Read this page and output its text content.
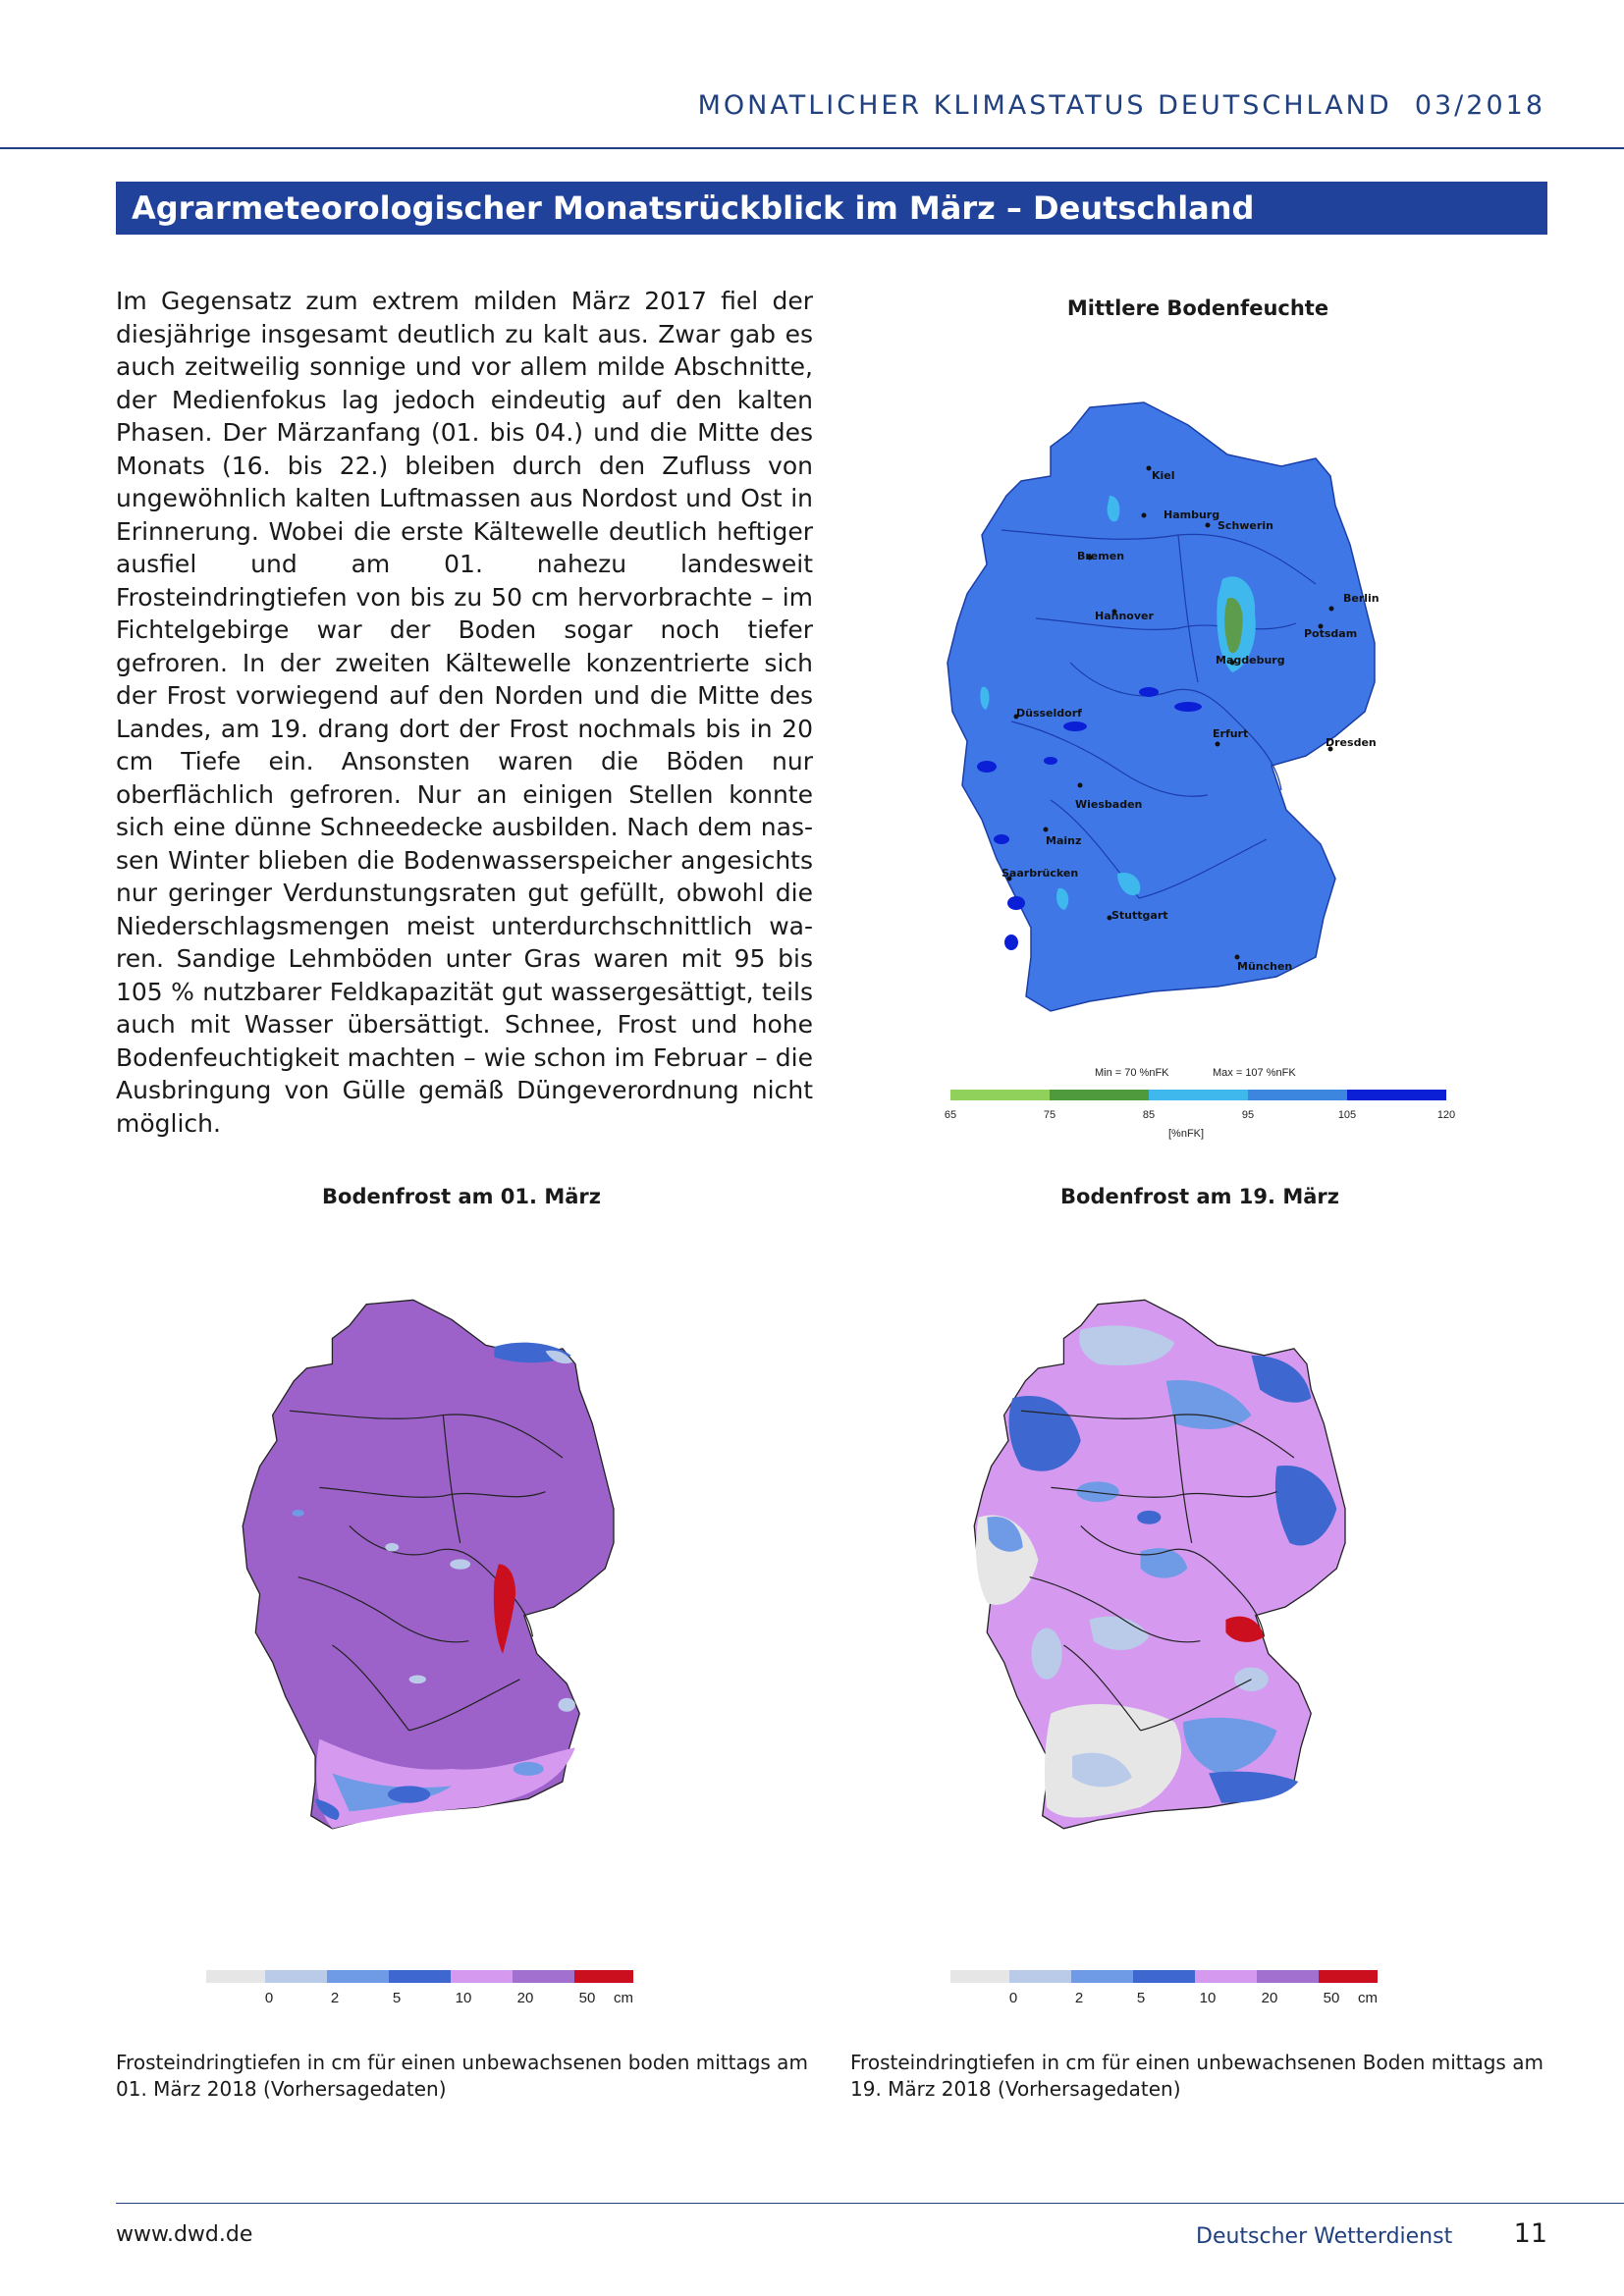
MONATLICHER KLIMASTATUS DEUTSCHLAND 03/2018
Agrarmeteorologischer Monatsrückblick im März – Deutschland
Im Gegensatz zum extrem milden März 2017 fiel der diesjährige insgesamt deutlich zu kalt aus. Zwar gab es auch zeitweilig sonnige und vor allem milde Abschnitte, der Medienfokus lag jedoch eindeutig auf den kalten Phasen. Der Märzanfang (01. bis 04.) und die Mitte des Monats (16. bis 22.) bleiben durch den Zufluss von ungewöhnlich kalten Luftmassen aus Nordost und Ost in Erinnerung. Wobei die erste Kältewelle deutlich heftiger ausfiel und am 01. nahezu landesweit Frosteindringtiefen von bis zu 50 cm hervorbrachte – im Fichtelgebirge war der Boden sogar noch tiefer gefroren. In der zweiten Kältewelle konzentrierte sich der Frost vorwiegend auf den Norden und die Mitte des Landes, am 19. drang dort der Frost nochmals bis in 20 cm Tiefe ein. Ansonsten waren die Böden nur oberflächlich gefroren. Nur an einigen Stellen konnte sich eine dünne Schneedecke ausbilden. Nach dem nassen Winter blieben die Bodenwasserspeicher angesichts nur geringer Verdunstungsraten gut gefüllt, obwohl die Niederschlagsmengen meist unterdurchschnittlich waren. Sandige Lehmböden unter Gras waren mit 95 bis 105 % nutzbarer Feldkapazität gut wassergesättigt, teils auch mit Wasser übersättigt. Schnee, Frost und hohe Bodenfeuchtigkeit machten – wie schon im Februar – die Ausbringung von Gülle gemäß Düngeverordnung nicht möglich.
Mittlere Bodenfeuchte
Kiel
Hamburg
Schwerin
Bremen
Hannover
Berlin
Potsdam
Magdeburg
Düsseldorf
Erfurt
Dresden
Wiesbaden
Mainz
Saarbrücken
Stuttgart
München
Min = 70 %nFK	Max = 107 %nFK
65	75	85	95	105	120
[%nFK]
Bodenfrost am 01. März
0	2	5	10	20	50 cm
Frosteindringtiefen in cm für einen unbewachsenen boden mittags am 01. März 2018 (Vorhersagedaten)
Bodenfrost am 19. März
0	2	5	10	20	50 cm
Frosteindringtiefen in cm für einen unbewachsenen Boden mittags am 19. März 2018 (Vorhersagedaten)
www.dwd.de	Deutscher Wetterdienst 11
